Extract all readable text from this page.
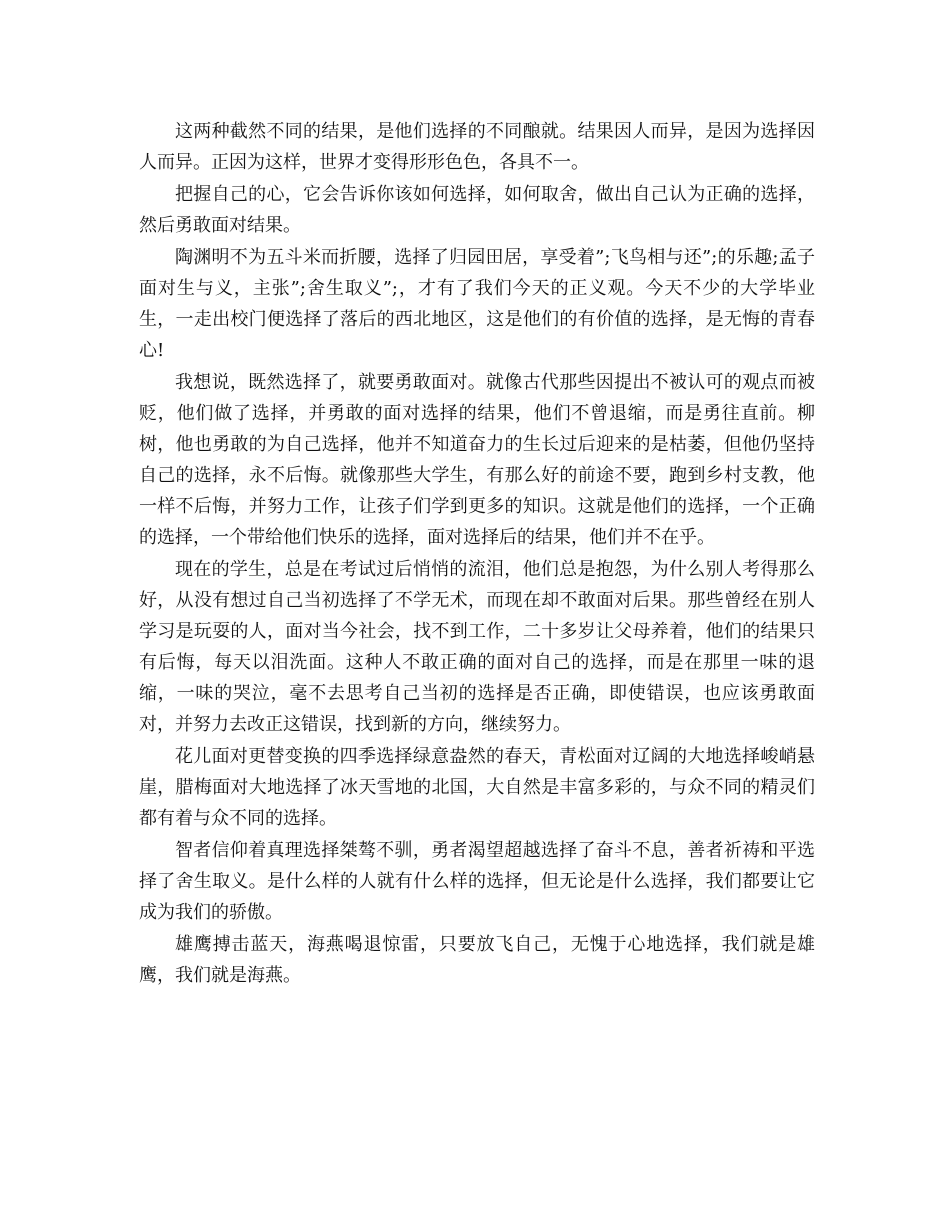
这两种截然不同的结果，是他们选择的不同酿就。结果因人而异，是因为选择因人而异。正因为这样，世界才变得形形色色，各具不一。

把握自己的心，它会告诉你该如何选择，如何取舍，做出自己认为正确的选择，然后勇敢面对结果。

陶渊明不为五斗米而折腰，选择了归园田居，享受着”;飞鸟相与还”;的乐趣;孟子面对生与义，主张”;舍生取义”;，才有了我们今天的正义观。今天不少的大学毕业生，一走出校门便选择了落后的西北地区，这是他们的有价值的选择，是无悔的青春心!

我想说，既然选择了，就要勇敢面对。就像古代那些因提出不被认可的观点而被贬，他们做了选择，并勇敢的面对选择的结果，他们不曾退缩，而是勇往直前。柳树，他也勇敢的为自己选择，他并不知道奋力的生长过后迎来的是枯萎，但他仍坚持自己的选择，永不后悔。就像那些大学生，有那么好的前途不要，跑到乡村支教，他一样不后悔，并努力工作，让孩子们学到更多的知识。这就是他们的选择，一个正确的选择，一个带给他们快乐的选择，面对选择后的结果，他们并不在乎。

现在的学生，总是在考试过后悄悄的流泪，他们总是抱怨，为什么别人考得那么好，从没有想过自己当初选择了不学无术，而现在却不敢面对后果。那些曾经在别人学习是玩耍的人，面对当今社会，找不到工作，二十多岁让父母养着，他们的结果只有后悔，每天以泪洗面。这种人不敢正确的面对自己的选择，而是在那里一味的退缩，一味的哭泣，毫不去思考自己当初的选择是否正确，即使错误，也应该勇敢面对，并努力去改正这错误，找到新的方向，继续努力。

花儿面对更替变换的四季选择绿意盎然的春天，青松面对辽阔的大地选择峻峭悬崖，腊梅面对大地选择了冰天雪地的北国，大自然是丰富多彩的，与众不同的精灵们都有着与众不同的选择。

智者信仰着真理选择桀骜不驯，勇者渴望超越选择了奋斗不息，善者祈祷和平选择了舍生取义。是什么样的人就有什么样的选择，但无论是什么选择，我们都要让它成为我们的骄傲。

雄鹰搏击蓝天，海燕喝退惊雷，只要放飞自己，无愧于心地选择，我们就是雄鹰，我们就是海燕。
